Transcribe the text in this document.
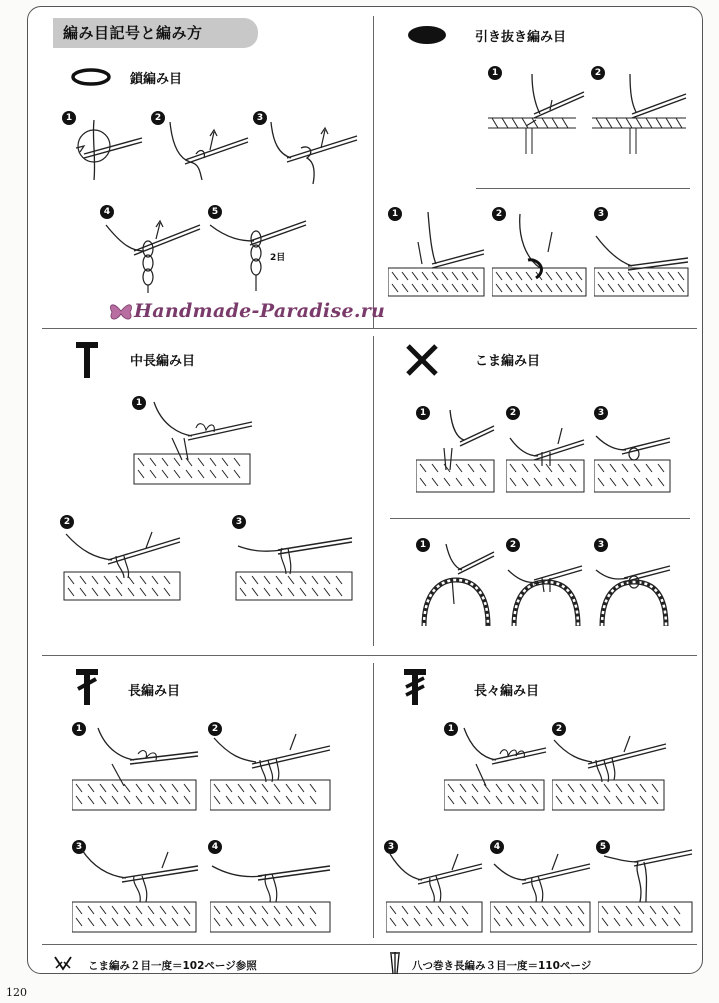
編み目記号と編み方
鎖編み目
1	2	3
4	5
2目
Handmade-Paradise.ru
引き抜き編み目
1	2
1	2	3
中長編み目
1
2	3
こま編み目
1	2	3
1	2	3
長編み目
1	2
3	4
長々編み目
1	2
3	4	5
こま編み２目一度＝102ページ参照	八つ巻き長編み３目一度＝110ページ
120
